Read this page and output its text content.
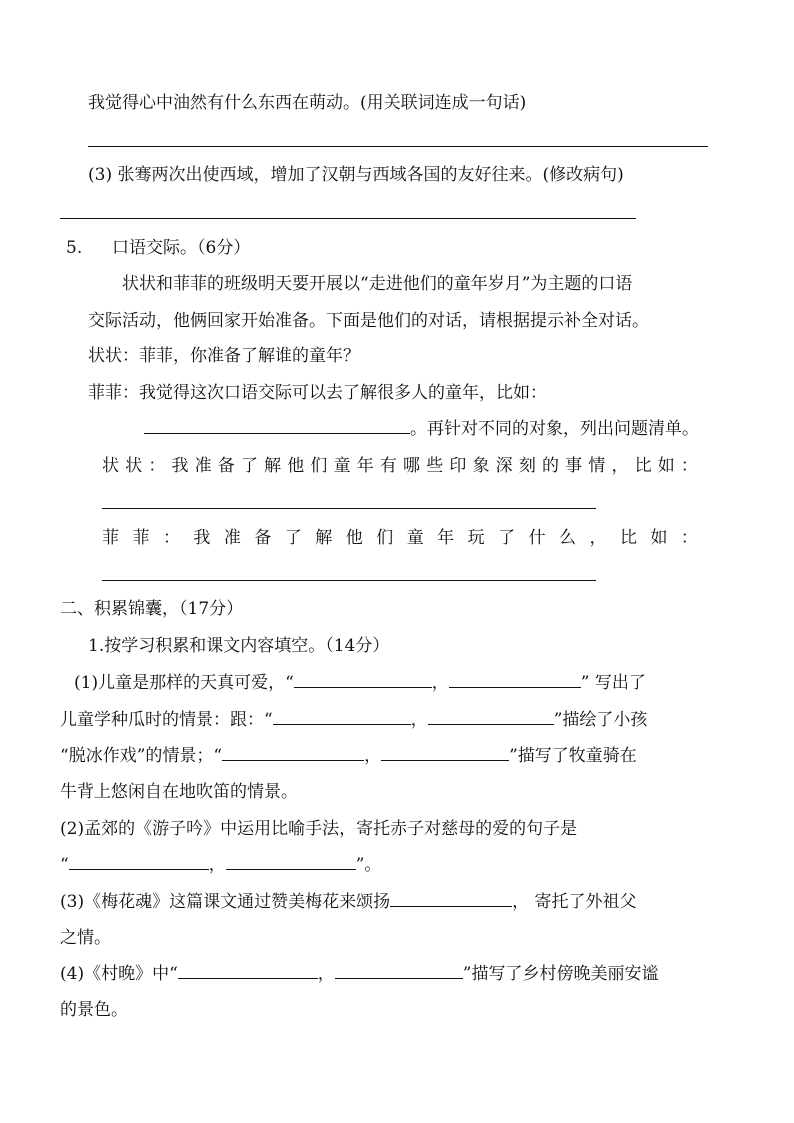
我觉得心中油然有什么东西在萌动。(用关联词连成一句话)
(3) 张骞两次出使西域，增加了汉朝与西域各国的友好往来。(修改病句)
5. 口语交际。（6分）
状状和菲菲的班级明天要开展以“走进他们的童年岁月”为主题的口语
交际活动，他俩回家开始准备。下面是他们的对话，请根据提示补全对话。
状状：菲菲，你准备了解谁的童年？
菲菲：我觉得这次口语交际可以去了解很多人的童年，比如：
。再针对不同的对象，列出问题清单。
状 状 ： 我 准 备 了 解 他 们 童 年 有 哪 些 印 象 深 刻 的 事 情 ， 比 如 ：
菲 菲 ： 我 准 备 了 解 他 们 童 年 玩 了 什 么 ， 比 如 ：
二、积累锦囊，（17分）
1.按学习积累和课文内容填空。（14分）
(1)儿童是那样的天真可爱，“	，	” 写出了
儿童学种瓜时的情景：跟：“	，	”描绘了小孩
“脱冰作戏”的情景；“	，	”描写了牧童骑在
牛背上悠闲自在地吹笛的情景。
(2)孟郊的《游子吟》中运用比喻手法，寄托赤子对慈母的爱的句子是
“	，	”。
(3)《梅花魂》这篇课文通过赞美梅花来颂扬	， 寄托了外祖父
之情。
(4)《村晚》中“	，	”描写了乡村傍晚美丽安谧
的景色。
